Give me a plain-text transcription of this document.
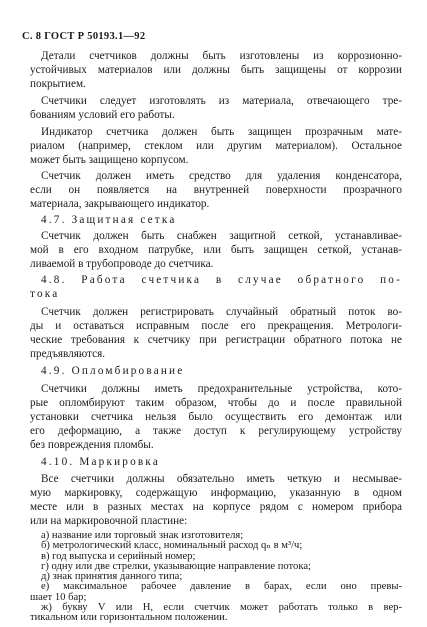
С. 8 ГОСТ Р 50193.1—92
Детали счетчиков должны быть изготовлены из коррозионно-
устойчивых материалов или должны быть защищены от коррозии
покрытием.
Счетчики следует изготовлять из материала, отвечающего тре-
бованиям условий его работы.
Индикатор счетчика должен быть защищен прозрачным мате-
риалом (например, стеклом или другим материалом). Остальное
может быть защищено корпусом.
Счетчик должен иметь средство для удаления конденсатора,
если он появляется на внутренней поверхности прозрачного
материала, закрывающего индикатор.
4.7. Защитная сетка
Счетчик должен быть снабжен защитной сеткой, устанавливае-
мой в его входном патрубке, или быть защищен сеткой, устанав-
ливаемой в трубопроводе до счетчика.
4.8. Работа счетчика в случае обратного по-
тока
Счетчик должен регистрировать случайный обратный поток во-
ды и оставаться исправным после его прекращения. Метрологи-
ческие требования к счетчику при регистрации обратного потока не
предъявляются.
4.9. Опломбирование
Счетчики должны иметь предохранительные устройства, кото-
рые опломбируют таким образом, чтобы до и после правильной
установки счетчика нельзя было осуществить его демонтаж или
его деформацию, а также доступ к регулирующему устройству
без повреждения пломбы.
4.10. Маркировка
Все счетчики должны обязательно иметь четкую и несмывае-
мую маркировку, содержащую информацию, указанную в одном
месте или в разных местах на корпусе рядом с номером прибора
или на маркировочной пластине:
а) название или торговый знак изготовителя;
б) метрологический класс, номинальный расход qₙ в м³/ч;
в) год выпуска и серийный номер;
г) одну или две стрелки, указывающие направление потока;
д) знак принятия данного типа;
е) максимальное рабочее давление в барах, если оно превы-
шает 10 бар;
ж) букву V или H, если счетчик может работать только в вер-
тикальном или горизонтальном положении.
